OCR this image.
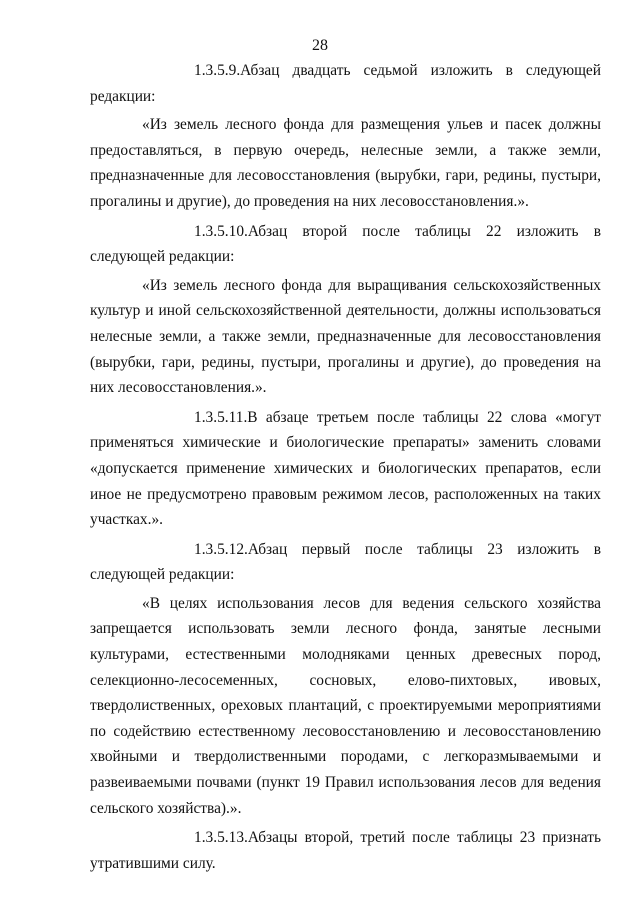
28

1.3.5.9.Абзац двадцать седьмой изложить в следующей редакции:

«Из земель лесного фонда для размещения ульев и пасек должны предоставляться, в первую очередь, нелесные земли, а также земли, предназначенные для лесовосстановления (вырубки, гари, редины, пустыри, прогалины и другие), до проведения на них лесовосстановления.».

1.3.5.10.Абзац второй после таблицы 22 изложить в следующей редакции:

«Из земель лесного фонда для выращивания сельскохозяйственных культур и иной сельскохозяйственной деятельности, должны использоваться нелесные земли, а также земли, предназначенные для лесовосстановления (вырубки, гари, редины, пустыри, прогалины и другие), до проведения на них лесовосстановления.».

1.3.5.11.В абзаце третьем после таблицы 22 слова «могут применяться химические и биологические препараты» заменить словами «допускается применение химических и биологических препаратов, если иное не предусмотрено правовым режимом лесов, расположенных на таких участках.».

1.3.5.12.Абзац первый после таблицы 23 изложить в следующей редакции:

«В целях использования лесов для ведения сельского хозяйства запрещается использовать земли лесного фонда, занятые лесными культурами, естественными молодняками ценных древесных пород, селекционно-лесосеменных, сосновых, елово-пихтовых, ивовых, твердолиственных, ореховых плантаций, с проектируемыми мероприятиями по содействию естественному лесовосстановлению и лесовосстановлению хвойными и твердолиственными породами, с легкоразмываемыми и развеиваемыми почвами (пункт 19 Правил использования лесов для ведения сельского хозяйства).».

1.3.5.13.Абзацы второй, третий после таблицы 23 признать утратившими силу.
